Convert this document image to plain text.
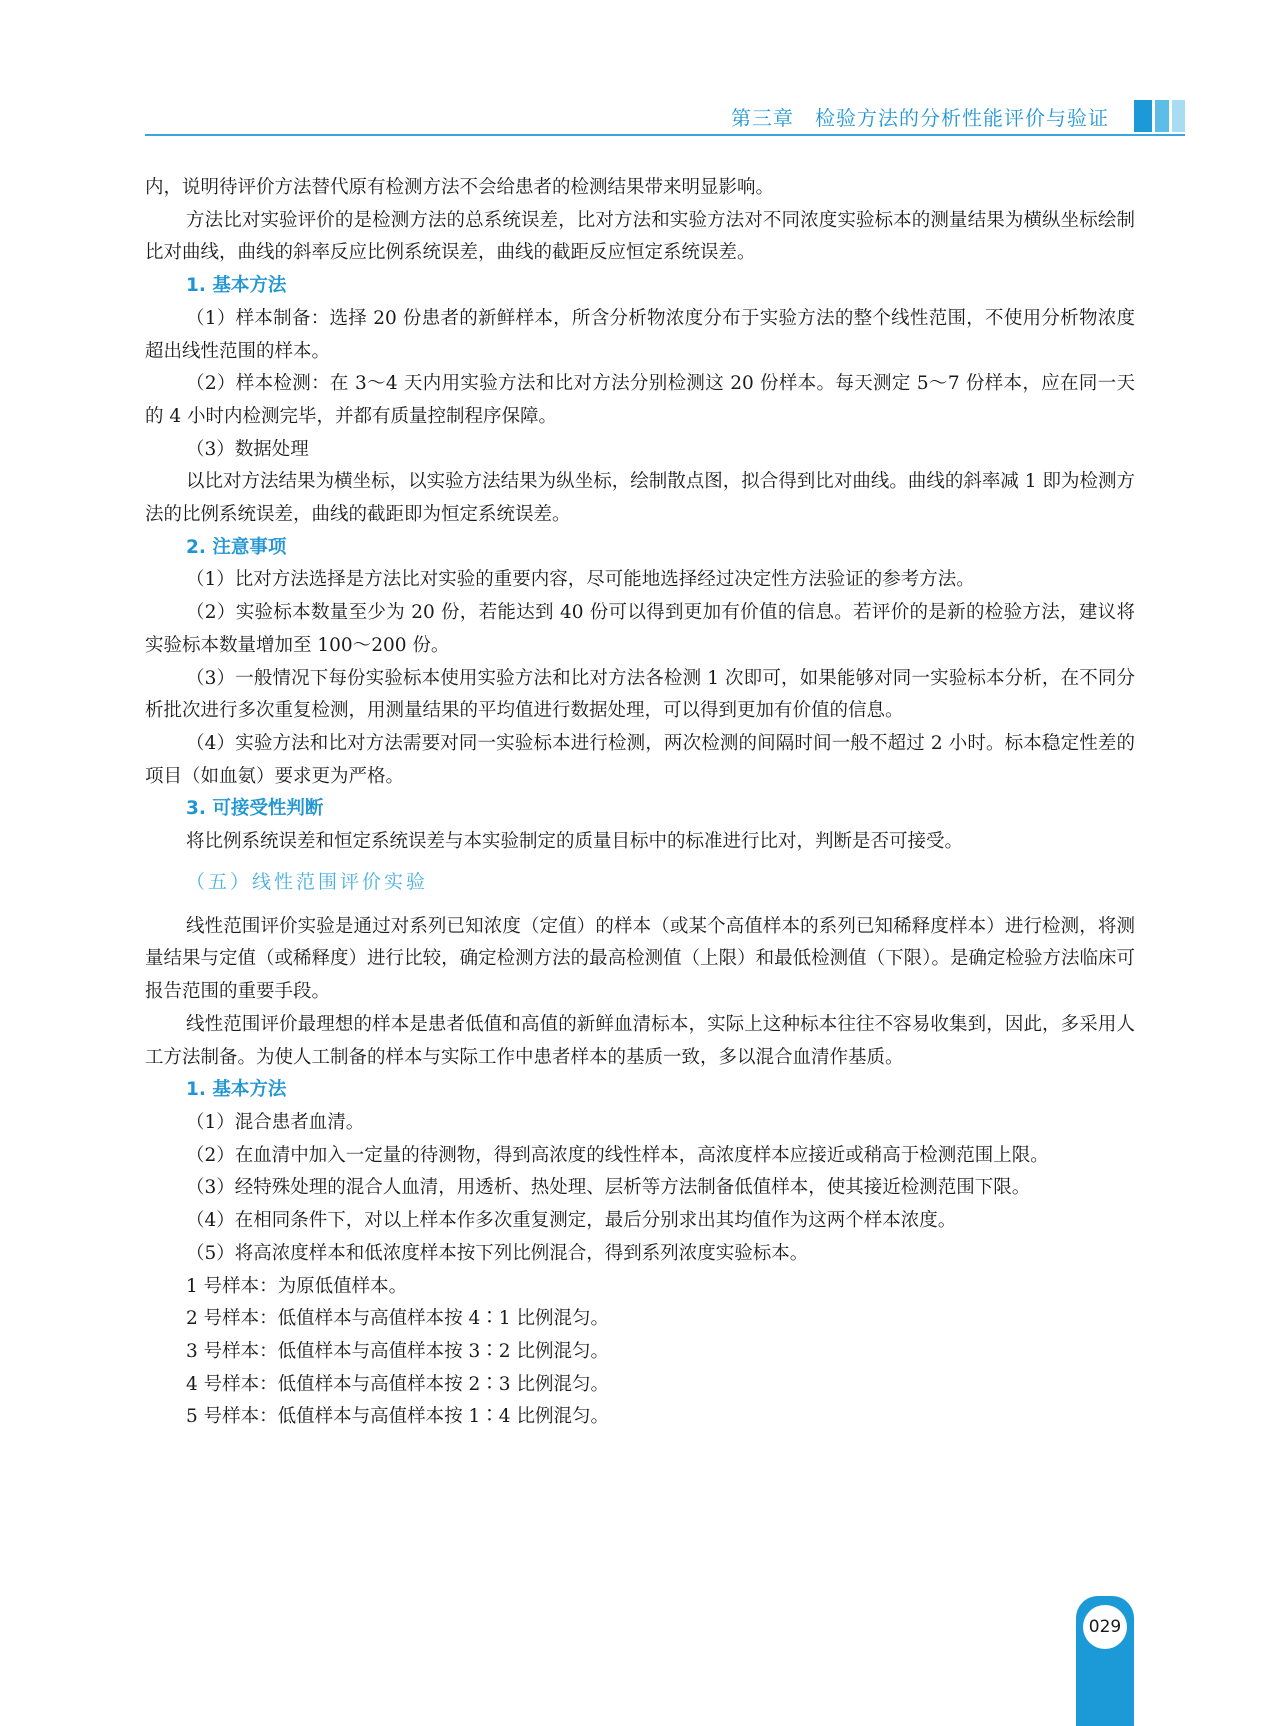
第三章　检验方法的分析性能评价与验证

内，说明待评价方法替代原有检测方法不会给患者的检测结果带来明显影响。

方法比对实验评价的是检测方法的总系统误差，比对方法和实验方法对不同浓度实验标本的测量结果为横纵坐标绘制比对曲线，曲线的斜率反应比例系统误差，曲线的截距反应恒定系统误差。

1. 基本方法

（1）样本制备：选择 20 份患者的新鲜样本，所含分析物浓度分布于实验方法的整个线性范围，不使用分析物浓度超出线性范围的样本。

（2）样本检测：在 3～4 天内用实验方法和比对方法分别检测这 20 份样本。每天测定 5～7 份样本，应在同一天的 4 小时内检测完毕，并都有质量控制程序保障。

（3）数据处理

以比对方法结果为横坐标，以实验方法结果为纵坐标，绘制散点图，拟合得到比对曲线。曲线的斜率减 1 即为检测方法的比例系统误差，曲线的截距即为恒定系统误差。

2. 注意事项

（1）比对方法选择是方法比对实验的重要内容，尽可能地选择经过决定性方法验证的参考方法。

（2）实验标本数量至少为 20 份，若能达到 40 份可以得到更加有价值的信息。若评价的是新的检验方法，建议将实验标本数量增加至 100～200 份。

（3）一般情况下每份实验标本使用实验方法和比对方法各检测 1 次即可，如果能够对同一实验标本分析，在不同分析批次进行多次重复检测，用测量结果的平均值进行数据处理，可以得到更加有价值的信息。

（4）实验方法和比对方法需要对同一实验标本进行检测，两次检测的间隔时间一般不超过 2 小时。标本稳定性差的项目（如血氨）要求更为严格。

3. 可接受性判断

将比例系统误差和恒定系统误差与本实验制定的质量目标中的标准进行比对，判断是否可接受。

（五）线性范围评价实验

线性范围评价实验是通过对系列已知浓度（定值）的样本（或某个高值样本的系列已知稀释度样本）进行检测，将测量结果与定值（或稀释度）进行比较，确定检测方法的最高检测值（上限）和最低检测值（下限）。是确定检验方法临床可报告范围的重要手段。

线性范围评价最理想的样本是患者低值和高值的新鲜血清标本，实际上这种标本往往不容易收集到，因此，多采用人工方法制备。为使人工制备的样本与实际工作中患者样本的基质一致，多以混合血清作基质。

1. 基本方法

（1）混合患者血清。

（2）在血清中加入一定量的待测物，得到高浓度的线性样本，高浓度样本应接近或稍高于检测范围上限。

（3）经特殊处理的混合人血清，用透析、热处理、层析等方法制备低值样本，使其接近检测范围下限。

（4）在相同条件下，对以上样本作多次重复测定，最后分别求出其均值作为这两个样本浓度。

（5）将高浓度样本和低浓度样本按下列比例混合，得到系列浓度实验标本。

1 号样本：为原低值样本。

2 号样本：低值样本与高值样本按 4∶1 比例混匀。

3 号样本：低值样本与高值样本按 3∶2 比例混匀。

4 号样本：低值样本与高值样本按 2∶3 比例混匀。

5 号样本：低值样本与高值样本按 1∶4 比例混匀。

029
